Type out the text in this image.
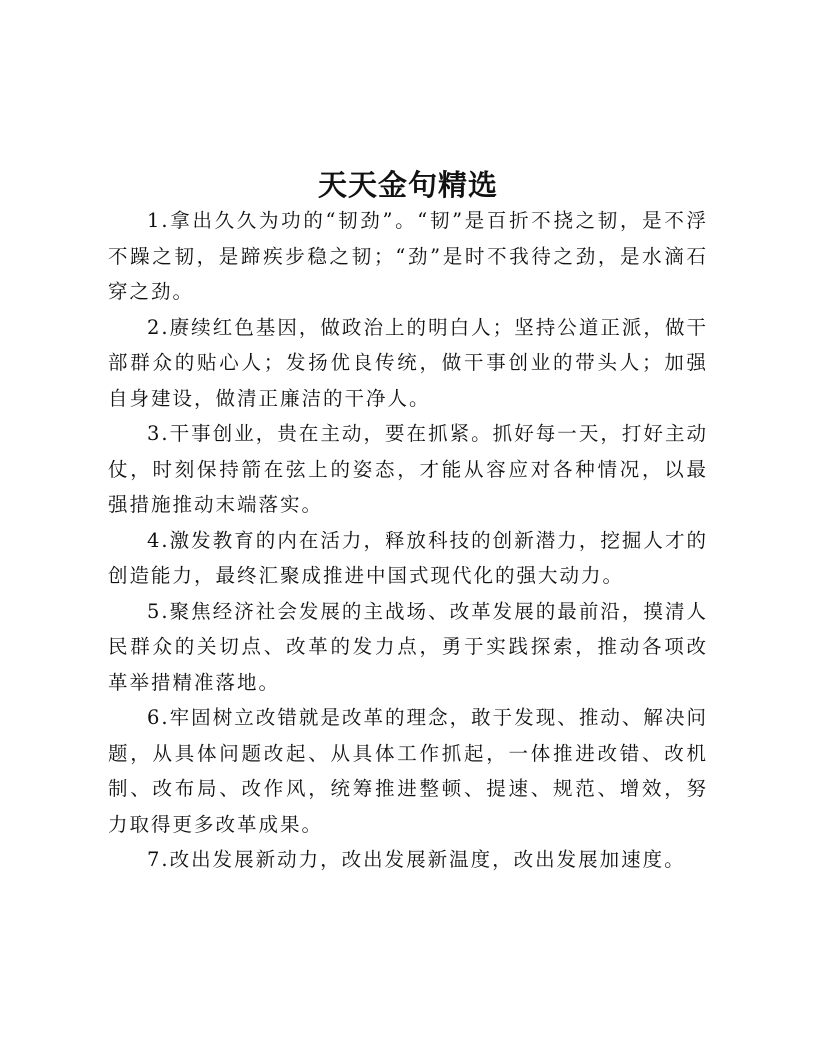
天天金句精选

1.拿出久久为功的“韧劲”。“韧”是百折不挠之韧，是不浮不躁之韧，是蹄疾步稳之韧；“劲”是时不我待之劲，是水滴石穿之劲。

2.赓续红色基因，做政治上的明白人；坚持公道正派，做干部群众的贴心人；发扬优良传统，做干事创业的带头人；加强自身建设，做清正廉洁的干净人。

3.干事创业，贵在主动，要在抓紧。抓好每一天，打好主动仗，时刻保持箭在弦上的姿态，才能从容应对各种情况，以最强措施推动末端落实。

4.激发教育的内在活力，释放科技的创新潜力，挖掘人才的创造能力，最终汇聚成推进中国式现代化的强大动力。

5.聚焦经济社会发展的主战场、改革发展的最前沿，摸清人民群众的关切点、改革的发力点，勇于实践探索，推动各项改革举措精准落地。

6.牢固树立改错就是改革的理念，敢于发现、推动、解决问题，从具体问题改起、从具体工作抓起，一体推进改错、改机制、改布局、改作风，统筹推进整顿、提速、规范、增效，努力取得更多改革成果。

7.改出发展新动力，改出发展新温度，改出发展加速度。
